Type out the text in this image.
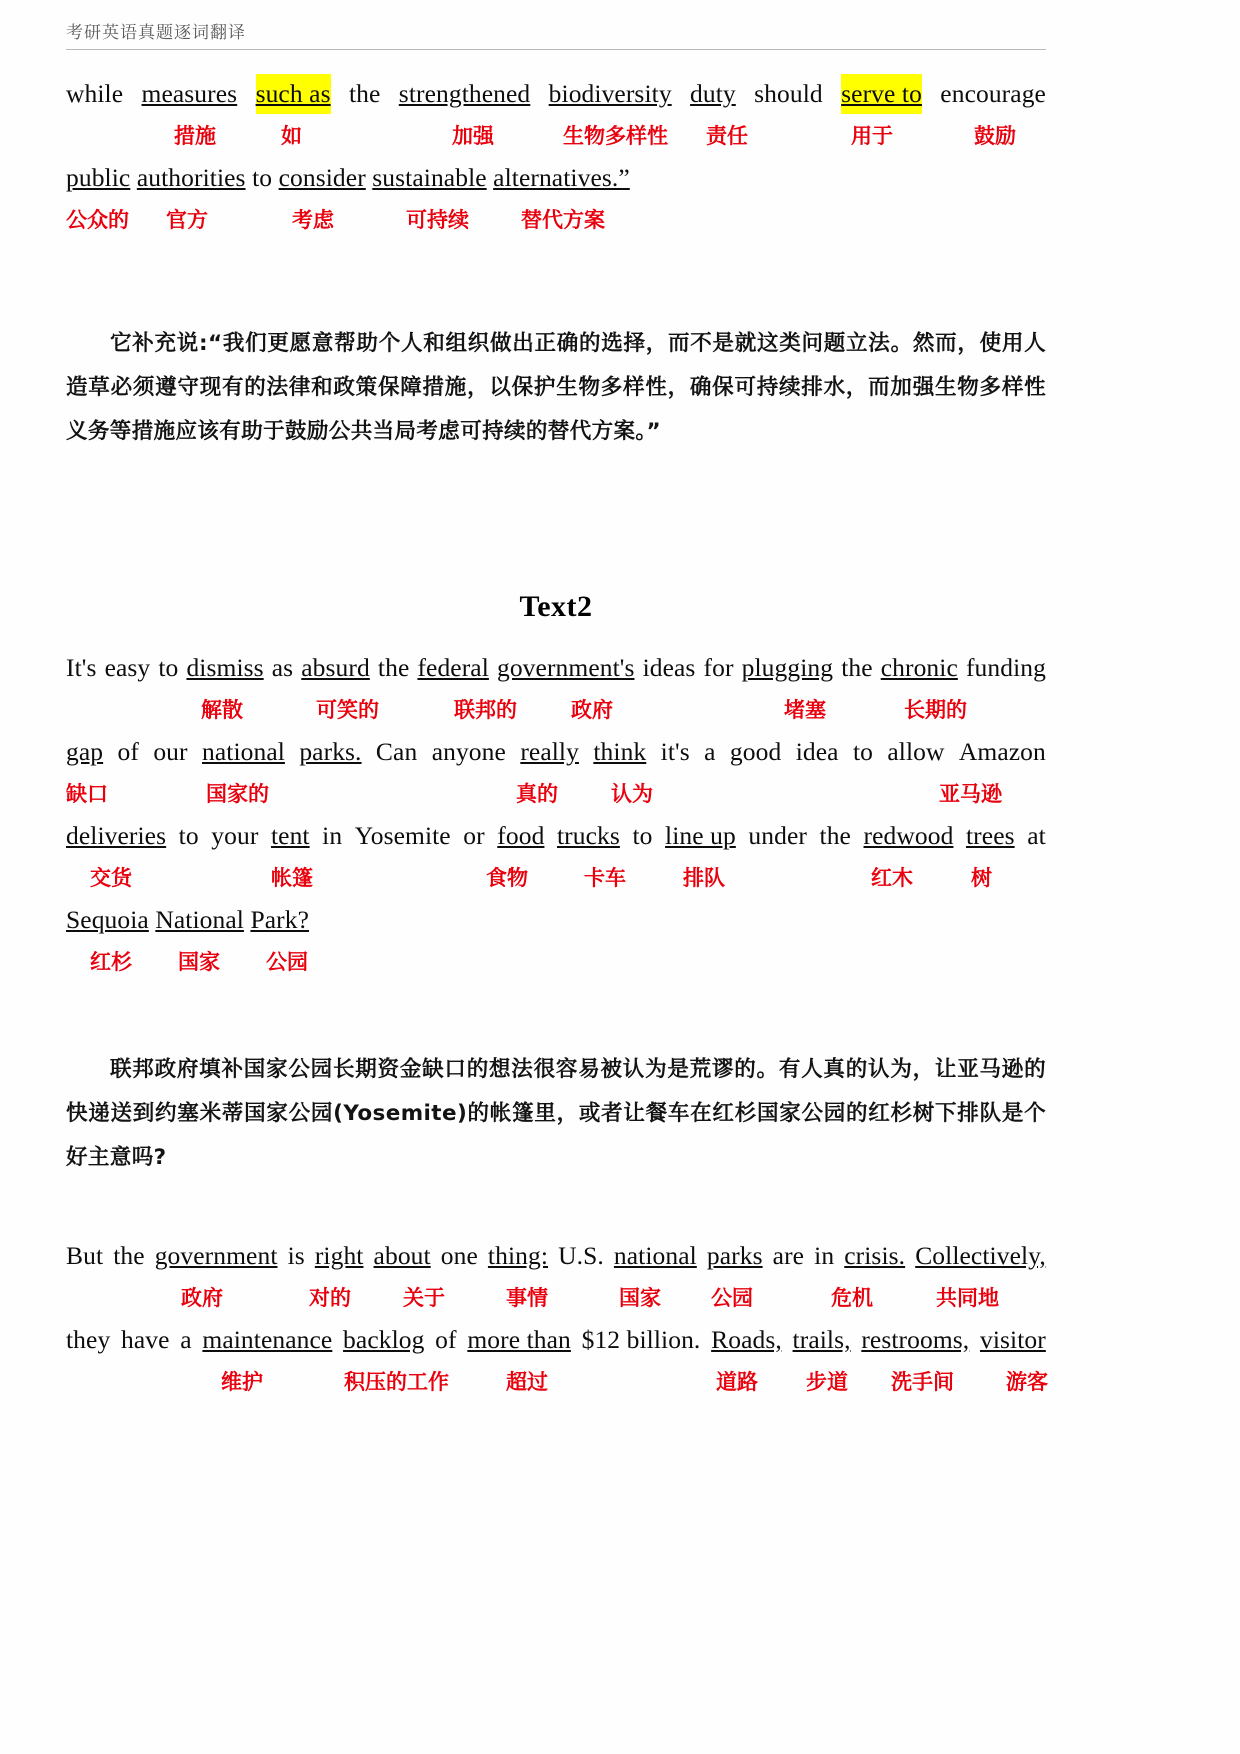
考研英语真题逐词翻译
while measures such as the strengthened biodiversity duty should serve to encourage
措施	如	加强	生物多样性 责任	用于	鼓励
public authorities to consider sustainable alternatives.”
公众的 官方	考虑	可持续 替代方案
它补充说:“我们更愿意帮助个人和组织做出正确的选择，而不是就这类问题立法。然而，使用人造草必须遵守现有的法律和政策保障措施，以保护生物多样性，确保可持续排水，而加强生物多样性义务等措施应该有助于鼓励公共当局考虑可持续的替代方案。”
Text2
It's easy to dismiss as absurd the federal government's ideas for plugging the chronic funding
解散	可笑的	联邦的	政府	堵塞	长期的
gap of our national parks. Can anyone really think it's a good idea to allow Amazon
缺口	国家的	真的	认为	亚马逊
deliveries to your tent in Yosemite or food trucks to line up under the redwood trees at
交货	帐篷	食物	卡车	排队	红木	树
Sequoia National Park?
红杉 国家 公园
联邦政府填补国家公园长期资金缺口的想法很容易被认为是荒谬的。有人真的认为，让亚马逊的快递送到约塞米蒂国家公园(Yosemite)的帐篷里，或者让餐车在红杉国家公园的红杉树下排队是个好主意吗?
But the government is right about one thing: U.S. national parks are in crisis. Collectively,
政府	对的 关于	事情	国家 公园	危机	共同地
they have a maintenance backlog of more than $12 billion. Roads, trails, restrooms, visitor
维护	积压的工作	超过	道路 步道 洗手间 游客
